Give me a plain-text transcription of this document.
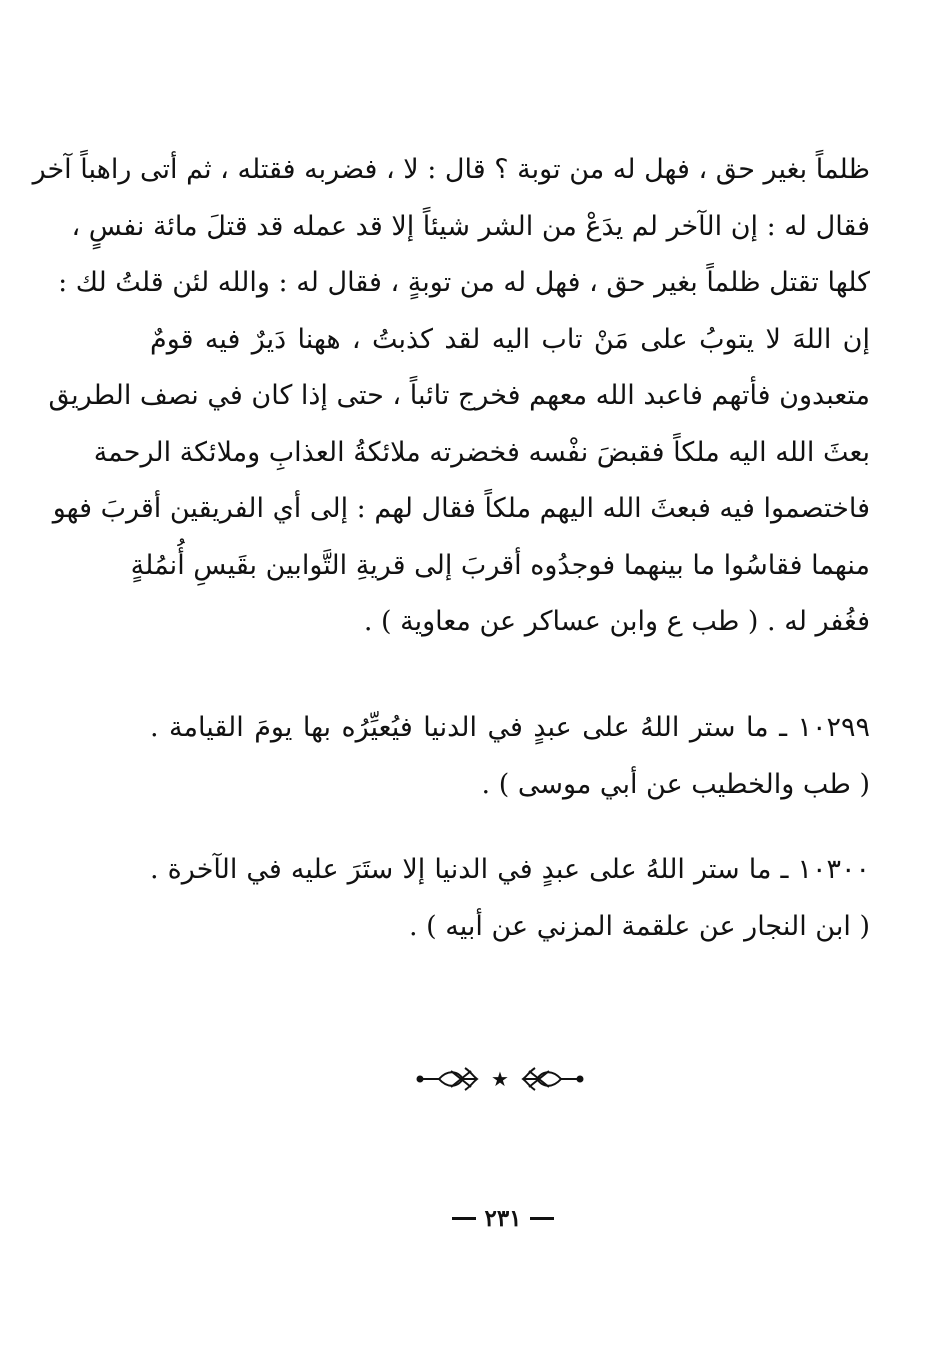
ظلماً بغير حق ، فهل له من توبة ؟ قال : لا ، فضربه فقتله ، ثم أتى راهباً آخر
فقال له : إن الآخر لم يدَعْ من الشر شيئاً إلا قد عمله قد قتلَ مائة نفسٍ ،
كلها تقتل ظلماً بغير حق ، فهل له من توبةٍ ، فقال له : والله لئن قلتُ لك :
إن اللهَ لا يتوبُ على مَنْ تاب اليه لقد كذبتُ ، ههنا دَيرٌ فيه قومٌ
متعبدون فأتهم فاعبد الله معهم فخرج تائباً ، حتى إذا كان في نصف الطريق
بعثَ الله اليه ملكاً فقبضَ نفْسه فخضرته ملائكةُ العذابِ وملائكة الرحمة
فاختصموا فيه فبعثَ الله اليهم ملكاً فقال لهم : إلى أي الفريقين أقربَ فهو
منهما فقاسُوا ما بينهما فوجدُوه أقربَ إلى قريةِ التَّوابين بقَيسِ أُنمُلةٍ
فغُفر له . ( طب ع وابن عساكر عن معاوية ) .
١٠٢٩٩ ـ ما ستر اللهُ على عبدٍ في الدنيا فيُعيِّرُه بها يومَ القيامة .
( طب والخطيب عن أبي موسى ) .
١٠٣٠٠ ـ ما ستر اللهُ على عبدٍ في الدنيا إلا ستَرَ عليه في الآخرة .
( ابن النجار عن علقمة المزني عن أبيه ) .
★
٢٣١
